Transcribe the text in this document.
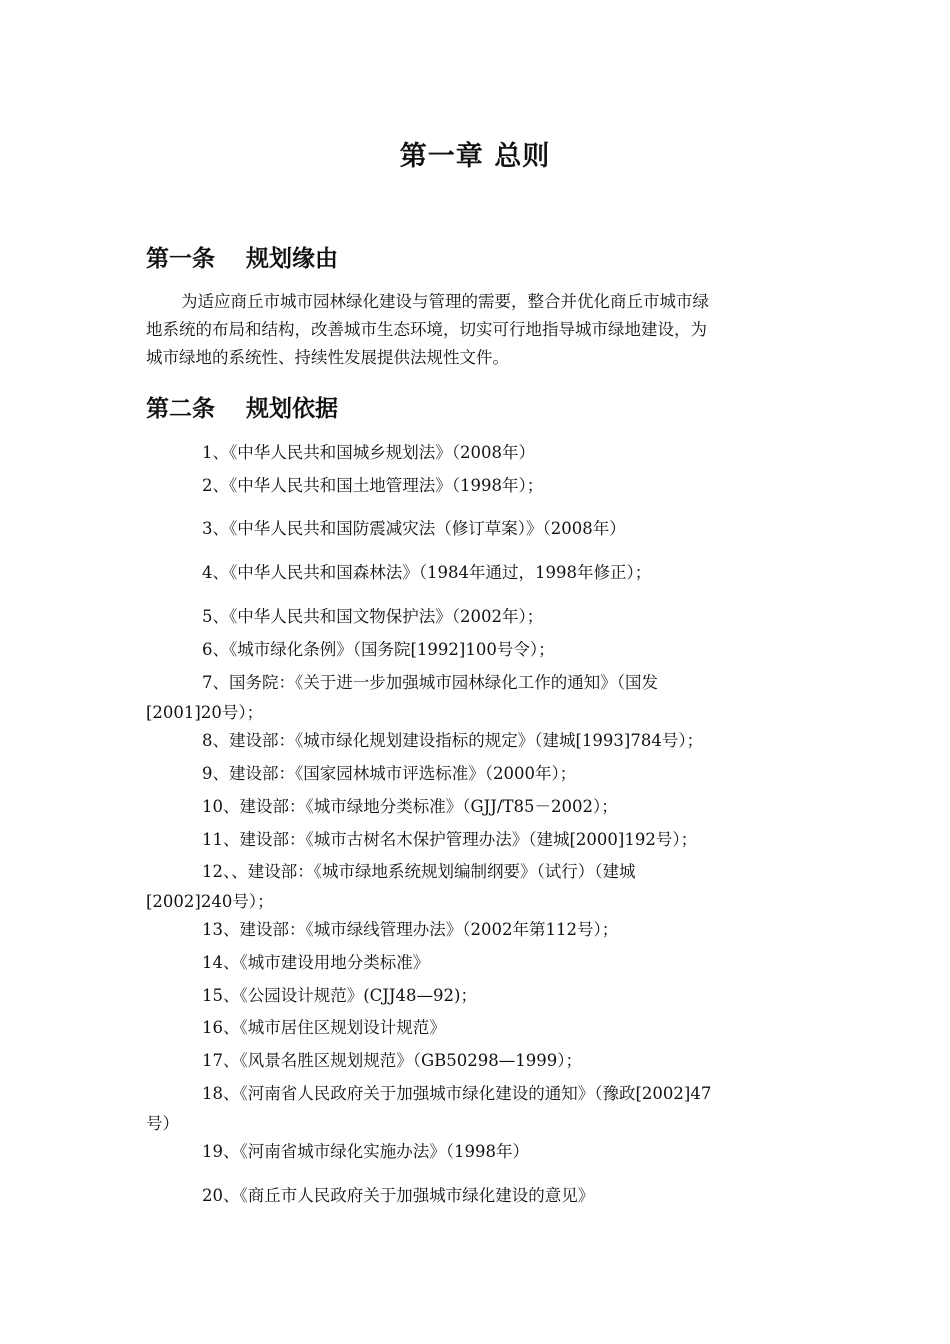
第一章 总则
第一条　 规划缘由
为适应商丘市城市园林绿化建设与管理的需要，整合并优化商丘市城市绿
地系统的布局和结构，改善城市生态环境，切实可行地指导城市绿地建设，为
城市绿地的系统性、持续性发展提供法规性文件。
第二条　 规划依据
1、《中华人民共和国城乡规划法》（2008年）
2、《中华人民共和国土地管理法》（1998年）；
3、《中华人民共和国防震减灾法（修订草案）》（2008年）
4、《中华人民共和国森林法》（1984年通过，1998年修正）；
5、《中华人民共和国文物保护法》（2002年）；
6、《城市绿化条例》（国务院[1992]100号令）；
7、国务院：《关于进一步加强城市园林绿化工作的通知》（国发
[2001]20号）；
8、建设部：《城市绿化规划建设指标的规定》（建城[1993]784号）；
9、建设部：《国家园林城市评选标准》（2000年）；
10、建设部：《城市绿地分类标准》（GJJ/T85－2002）；
11、建设部：《城市古树名木保护管理办法》（建城[2000]192号）；
12、、建设部：《城市绿地系统规划编制纲要》（试行）（建城
[2002]240号）；
13、建设部：《城市绿线管理办法》（2002年第112号）；
14、《城市建设用地分类标准》
15、《公园设计规范》(CJJ48—92)；
16、《城市居住区规划设计规范》
17、《风景名胜区规划规范》（GB50298—1999）；
18、《河南省人民政府关于加强城市绿化建设的通知》（豫政[2002]47
号）
19、《河南省城市绿化实施办法》（1998年）
20、《商丘市人民政府关于加强城市绿化建设的意见》
